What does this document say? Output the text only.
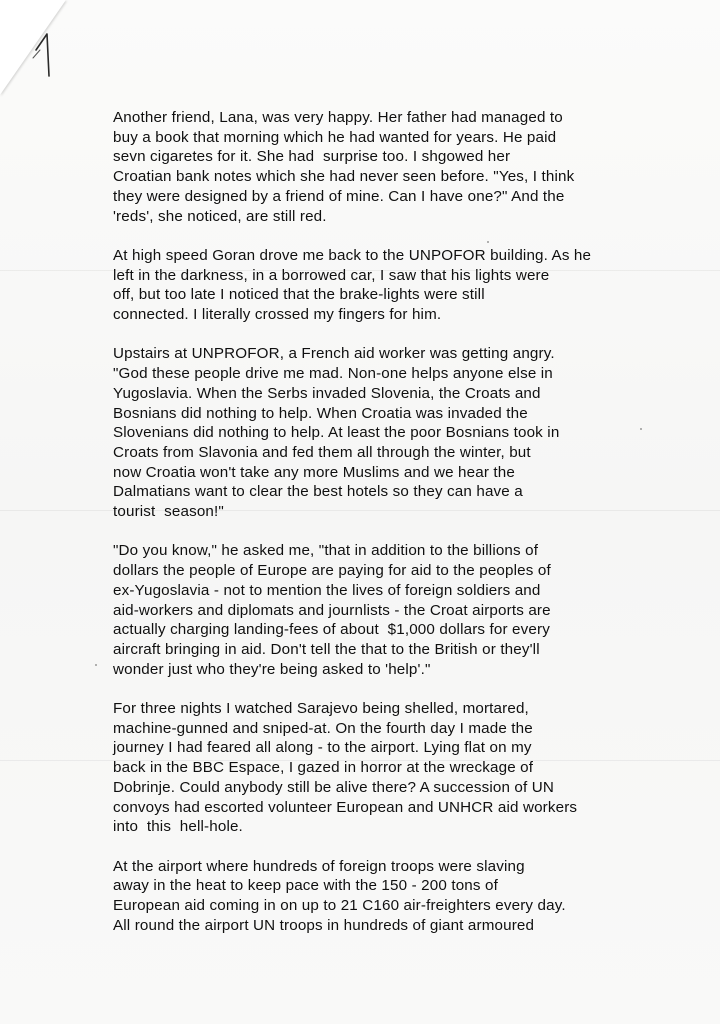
Another friend, Lana, was very happy. Her father had managed to
buy a book that morning which he had wanted for years. He paid
sevn cigaretes for it. She had  surprise too. I shgowed her
Croatian bank notes which she had never seen before. "Yes, I think
they were designed by a friend of mine. Can I have one?" And the
'reds', she noticed, are still red.
At high speed Goran drove me back to the UNPOFOR building. As he
left in the darkness, in a borrowed car, I saw that his lights were
off, but too late I noticed that the brake-lights were still
connected. I literally crossed my fingers for him.
Upstairs at UNPROFOR, a French aid worker was getting angry.
"God these people drive me mad. Non-one helps anyone else in
Yugoslavia. When the Serbs invaded Slovenia, the Croats and
Bosnians did nothing to help. When Croatia was invaded the
Slovenians did nothing to help. At least the poor Bosnians took in
Croats from Slavonia and fed them all through the winter, but
now Croatia won't take any more Muslims and we hear the
Dalmatians want to clear the best hotels so they can have a
tourist  season!"
"Do you know," he asked me, "that in addition to the billions of
dollars the people of Europe are paying for aid to the peoples of
ex-Yugoslavia - not to mention the lives of foreign soldiers and
aid-workers and diplomats and journlists - the Croat airports are
actually charging landing-fees of about  $1,000 dollars for every
aircraft bringing in aid. Don't tell the that to the British or they'll
wonder just who they're being asked to 'help'."
For three nights I watched Sarajevo being shelled, mortared,
machine-gunned and sniped-at. On the fourth day I made the
journey I had feared all along - to the airport. Lying flat on my
back in the BBC Espace, I gazed in horror at the wreckage of
Dobrinje. Could anybody still be alive there? A succession of UN
convoys had escorted volunteer European and UNHCR aid workers
into  this  hell-hole.
At the airport where hundreds of foreign troops were slaving
away in the heat to keep pace with the 150 - 200 tons of
European aid coming in on up to 21 C160 air-freighters every day.
All round the airport UN troops in hundreds of giant armoured
